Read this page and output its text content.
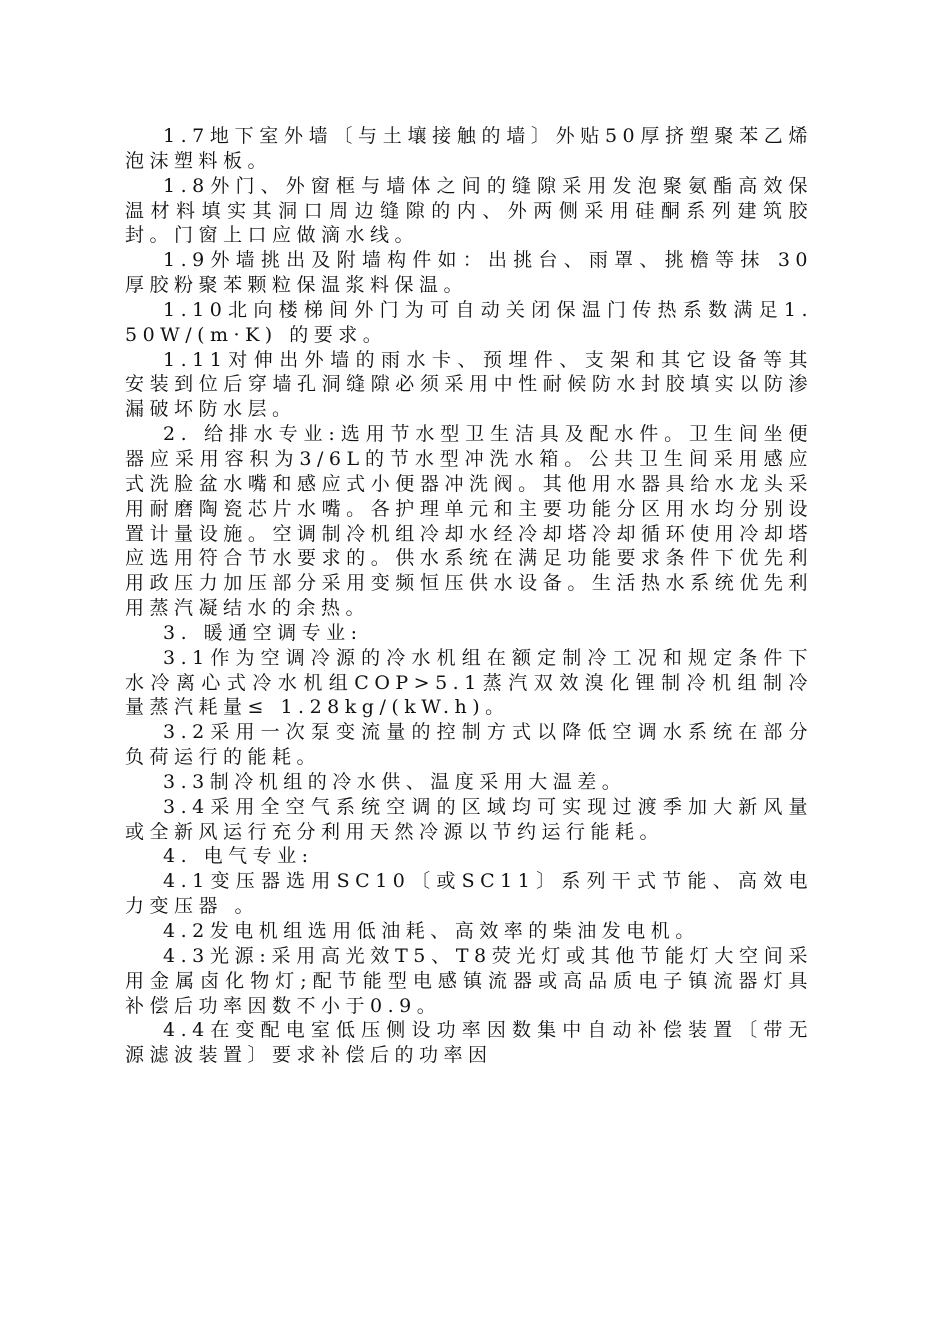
1.7地下室外墙〔与土壤接触的墙〕外贴50厚挤塑聚苯乙烯泡沫塑料板。

1.8外门、外窗框与墙体之间的缝隙采用发泡聚氨酯高效保温材料填实其洞口周边缝隙的内、外两侧采用硅酮系列建筑胶封。门窗上口应做滴水线。

1.9外墙挑出及附墙构件如：出挑台、雨罩、挑檐等抹 30厚胶粉聚苯颗粒保温浆料保温。

1.10北向楼梯间外门为可自动关闭保温门传热系数满足1.50W/(m·K) 的要求。

1.11对伸出外墙的雨水卡、预埋件、支架和其它设备等其安装到位后穿墙孔洞缝隙必须采用中性耐候防水封胶填实以防渗漏破坏防水层。

2. 给排水专业:选用节水型卫生洁具及配水件。卫生间坐便器应采用容积为3/6L的节水型冲洗水箱。公共卫生间采用感应式洗脸盆水嘴和感应式小便器冲洗阀。其他用水器具给水龙头采用耐磨陶瓷芯片水嘴。各护理单元和主要功能分区用水均分别设置计量设施。空调制冷机组冷却水经冷却塔冷却循环使用冷却塔应选用符合节水要求的。供水系统在满足功能要求条件下优先利用政压力加压部分采用变频恒压供水设备。生活热水系统优先利用蒸汽凝结水的余热。

3. 暖通空调专业:

3.1作为空调冷源的冷水机组在额定制冷工况和规定条件下水冷离心式冷水机组COP>5.1蒸汽双效溴化锂制冷机组制冷量蒸汽耗量≤ 1.28kg/(kW.h)。

3.2采用一次泵变流量的控制方式以降低空调水系统在部分负荷运行的能耗。

3.3制冷机组的冷水供、温度采用大温差。

3.4采用全空气系统空调的区域均可实现过渡季加大新风量或全新风运行充分利用天然冷源以节约运行能耗。

4. 电气专业:

4.1变压器选用SC10〔或SC11〕系列干式节能、高效电力变压器 。

4.2发电机组选用低油耗、高效率的柴油发电机。

4.3光源:采用高光效T5、T8荧光灯或其他节能灯大空间采用金属卤化物灯;配节能型电感镇流器或高品质电子镇流器灯具补偿后功率因数不小于0.9。

4.4在变配电室低压侧设功率因数集中自动补偿装置〔带无源滤波装置〕要求补偿后的功率因
